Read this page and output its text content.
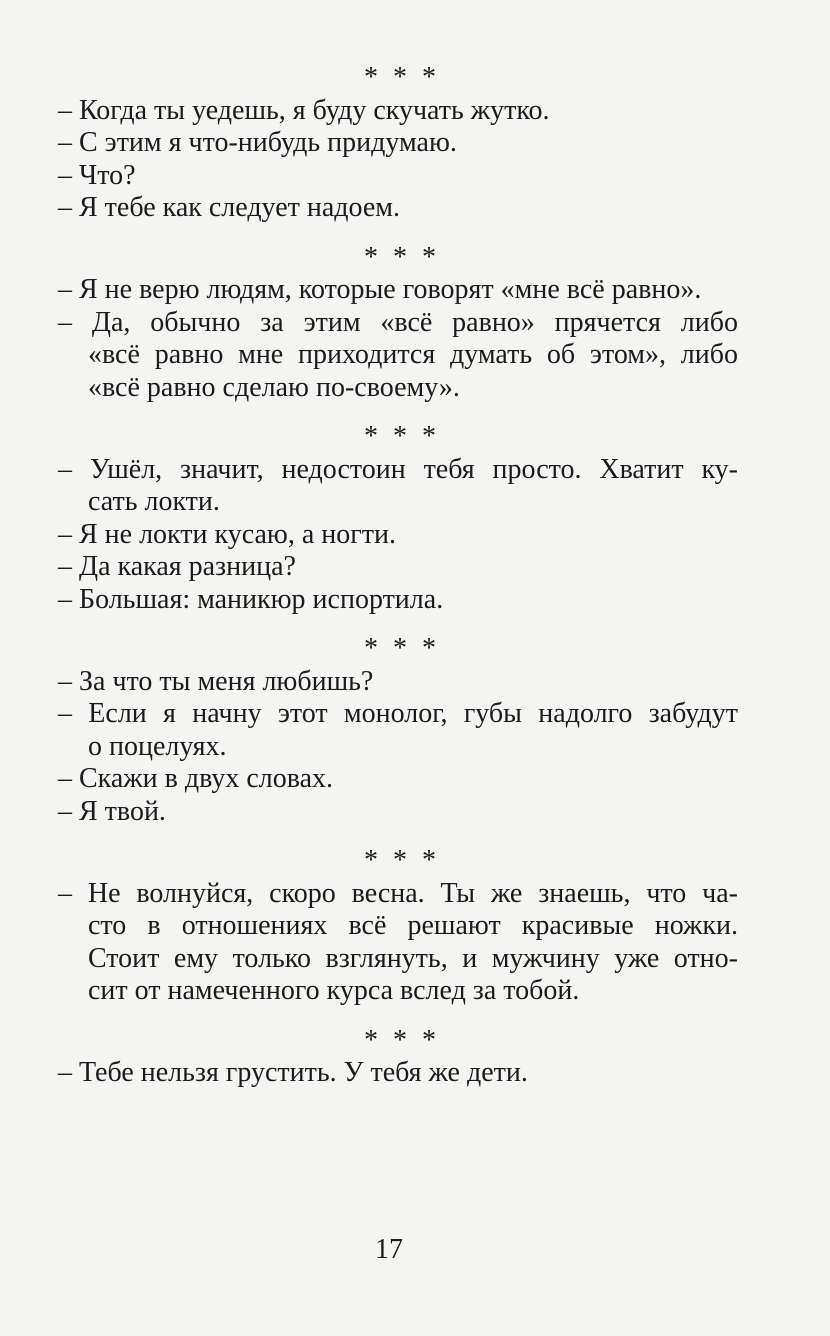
* * *
– Когда ты уедешь, я буду скучать жутко.
– С этим я что-нибудь придумаю.
– Что?
– Я тебе как следует надоем.
* * *
– Я не верю людям, которые говорят «мне всё равно».
– Да, обычно за этим «всё равно» прячется либо
«всё равно мне приходится думать об этом», либо
«всё равно сделаю по-своему».
* * *
– Ушёл, значит, недостоин тебя просто. Хватит ку-
сать локти.
– Я не локти кусаю, а ногти.
– Да какая разница?
– Большая: маникюр испортила.
* * *
– За что ты меня любишь?
– Если я начну этот монолог, губы надолго забудут
о поцелуях.
– Скажи в двух словах.
– Я твой.
* * *
– Не волнуйся, скоро весна. Ты же знаешь, что ча-
сто в отношениях всё решают красивые ножки.
Стоит ему только взглянуть, и мужчину уже отно-
сит от намеченного курса вслед за тобой.
* * *
– Тебе нельзя грустить. У тебя же дети.
17
